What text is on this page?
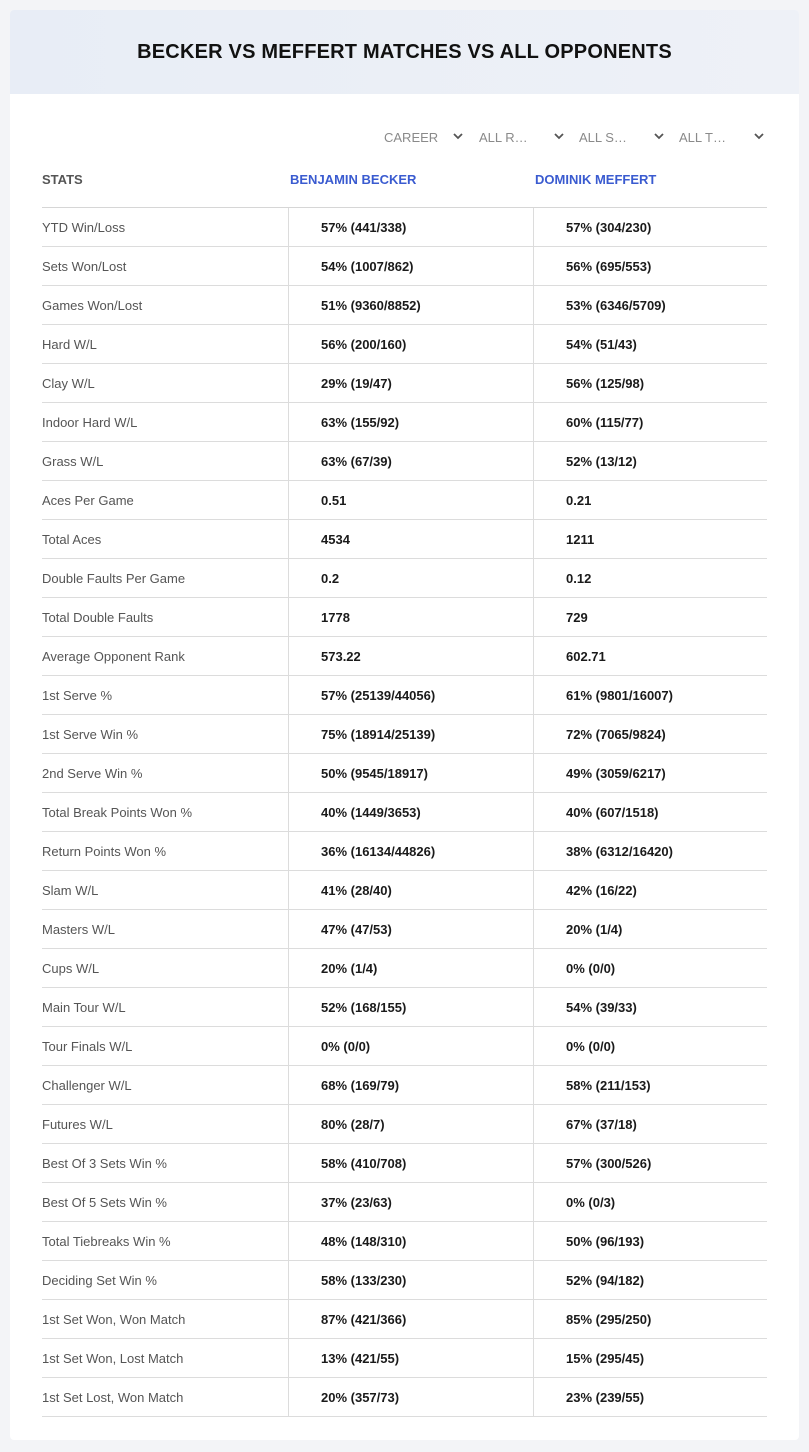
BECKER VS MEFFERT MATCHES VS ALL OPPONENTS
CAREER	ALL R…	ALL S…	ALL T…
STATS	BENJAMIN BECKER	DOMINIK MEFFERT
YTD Win/Loss	57% (441/338)	57% (304/230)
Sets Won/Lost	54% (1007/862)	56% (695/553)
Games Won/Lost	51% (9360/8852)	53% (6346/5709)
Hard W/L	56% (200/160)	54% (51/43)
Clay W/L	29% (19/47)	56% (125/98)
Indoor Hard W/L	63% (155/92)	60% (115/77)
Grass W/L	63% (67/39)	52% (13/12)
Aces Per Game	0.51	0.21
Total Aces	4534	1211
Double Faults Per Game	0.2	0.12
Total Double Faults	1778	729
Average Opponent Rank	573.22	602.71
1st Serve %	57% (25139/44056)	61% (9801/16007)
1st Serve Win %	75% (18914/25139)	72% (7065/9824)
2nd Serve Win %	50% (9545/18917)	49% (3059/6217)
Total Break Points Won %	40% (1449/3653)	40% (607/1518)
Return Points Won %	36% (16134/44826)	38% (6312/16420)
Slam W/L	41% (28/40)	42% (16/22)
Masters W/L	47% (47/53)	20% (1/4)
Cups W/L	20% (1/4)	0% (0/0)
Main Tour W/L	52% (168/155)	54% (39/33)
Tour Finals W/L	0% (0/0)	0% (0/0)
Challenger W/L	68% (169/79)	58% (211/153)
Futures W/L	80% (28/7)	67% (37/18)
Best Of 3 Sets Win %	58% (410/708)	57% (300/526)
Best Of 5 Sets Win %	37% (23/63)	0% (0/3)
Total Tiebreaks Win %	48% (148/310)	50% (96/193)
Deciding Set Win %	58% (133/230)	52% (94/182)
1st Set Won, Won Match	87% (421/366)	85% (295/250)
1st Set Won, Lost Match	13% (421/55)	15% (295/45)
1st Set Lost, Won Match	20% (357/73)	23% (239/55)
